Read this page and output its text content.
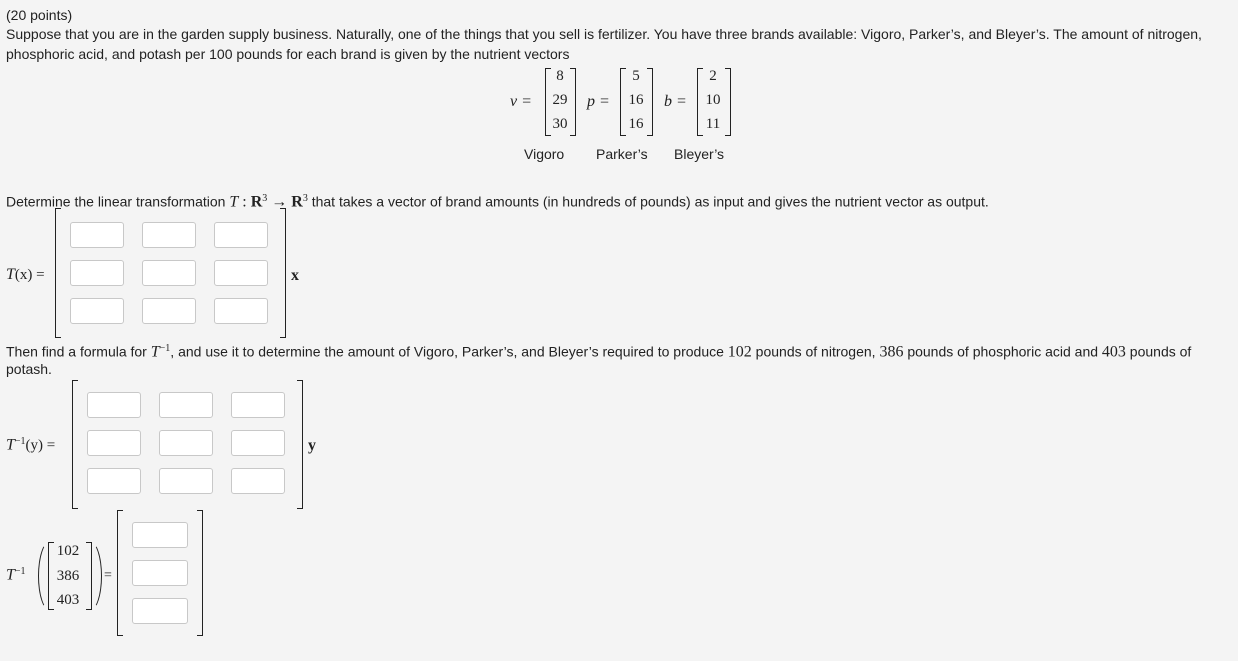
(20 points)
Suppose that you are in the garden supply business. Naturally, one of the things that you sell is fertilizer. You have three brands available: Vigoro, Parker’s, and Bleyer’s. The amount of nitrogen,
phosphoric acid, and potash per 100 pounds for each brand is given by the nutrient vectors
v =
8
29
30
p =
5
16
16
b =
2
10
11
Vigoro Parker’s Bleyer’s
Determine the linear transformation T : $R^3 \to R^3$ that takes a vector of brand amounts (in hundreds of pounds) as input and gives the nutrient vector as output.
T(x) =	x
Then find a formula for $T^{-1}$, and use it to determine the amount of Vigoro, Parker’s, and Bleyer’s required to produce 102 pounds of nitrogen, 386 pounds of phosphoric acid and 403 pounds of
potash.
$T^{-1}(y)$ =	y
$T^{-1}$
102
386
403
=
